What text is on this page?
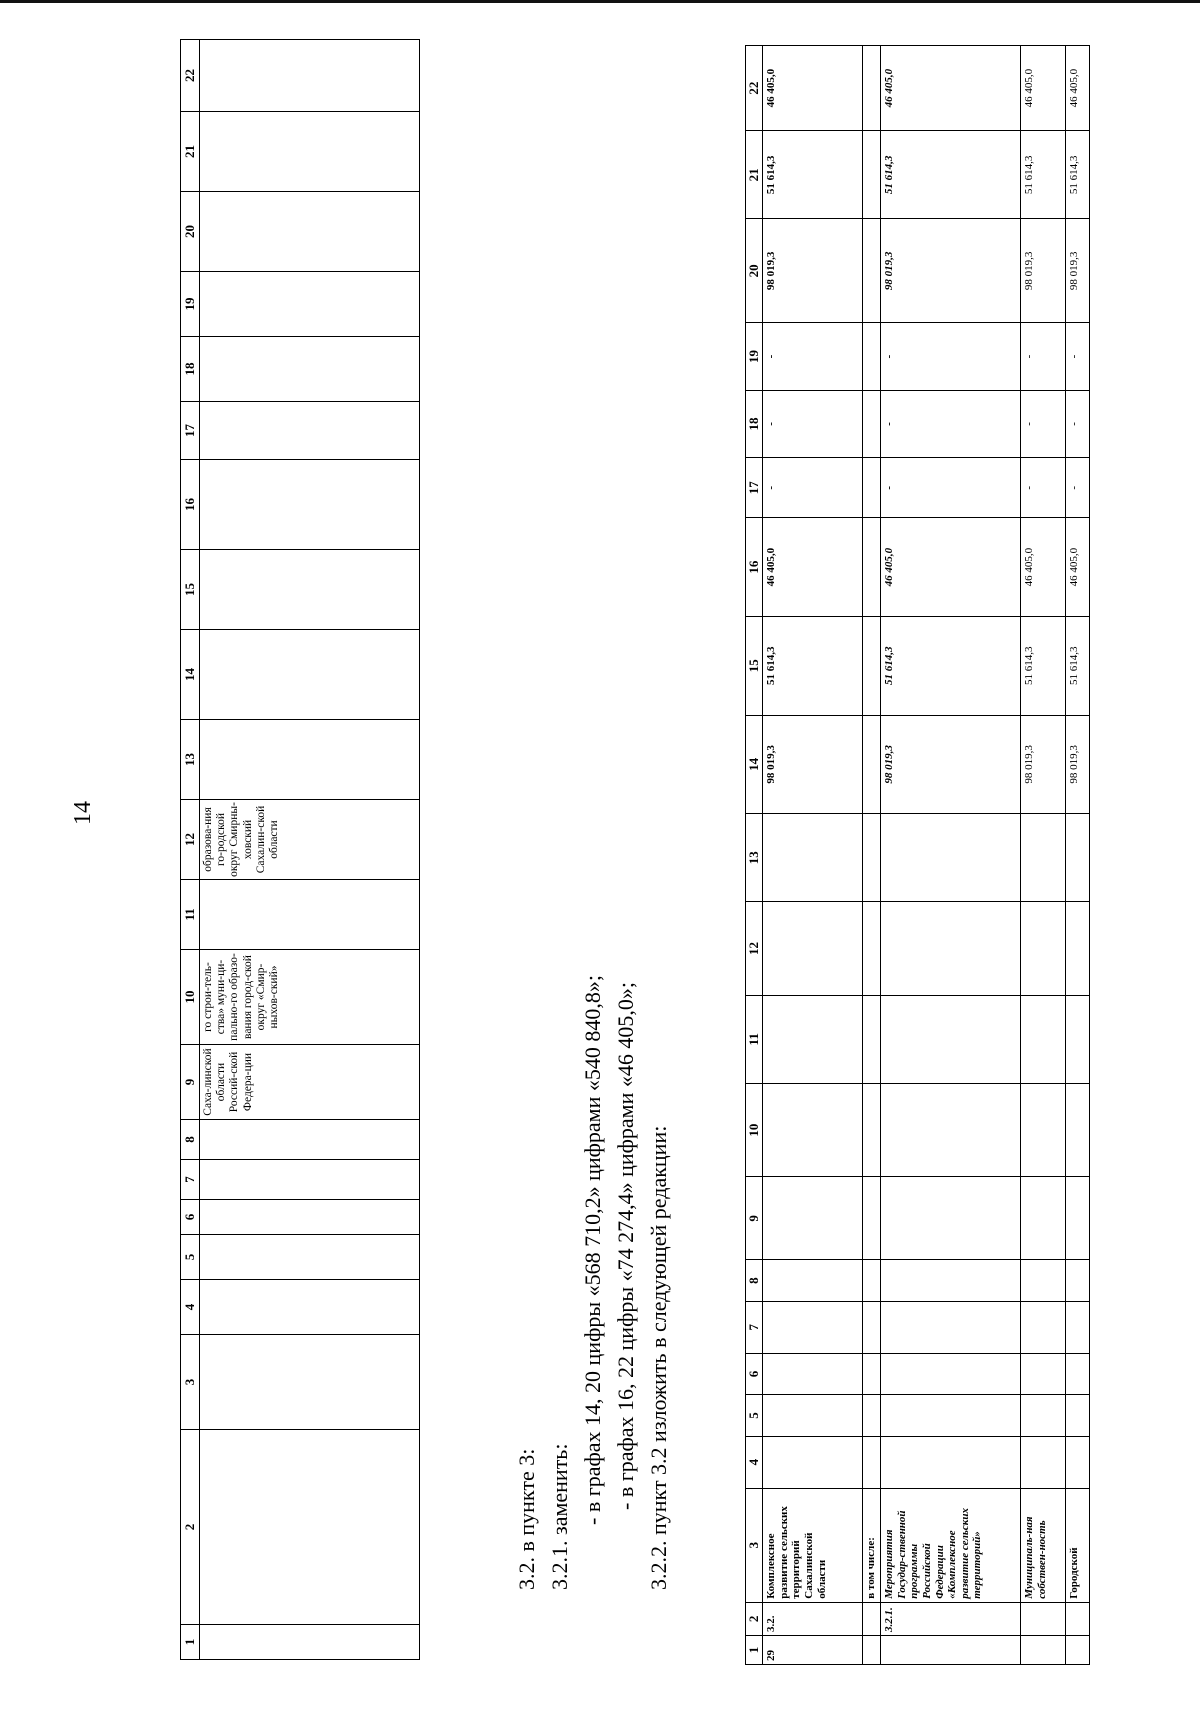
14
1	2	3	4	5	6	7	8	9	10	11	12	13	14	15	16	17	18	19	20	21	22
								Саха-линской области Россий-ской Федера-ции	го строи-тель-ства» муни-ци-пально-го образо-вания город-ской округ «Смир-ныхов-ский»		образова-ния го-родской округ Смирны-ховский Сахалин-ской области										

3.2. в пункте 3: 3.2.1. заменить: - в графах 14, 20 цифры «568 710,2» цифрами «540 840,8»; - в графах 16, 22 цифры «74 274,4» цифрами «46 405,0»; 3.2.2. пункт 3.2 изложить в следующей редакции:

1	2	3	4	5	6	7	8	9	10	11	12	13	14	15	16	17	18	19	20	21	22
29	3.2.	Комплексное развитие сельских территорий Сахалинской области											98 019,3	51 614,3	46 405,0	-	-	-	98 019,3	51 614,3	46 405,0
		в том числе:																			
	3.2.1.	Мероприятия Государ-ственной программы Российской Федерации «Комплексное развитие сельских территорий»											98 019,3	51 614,3	46 405,0	-	-	-	98 019,3	51 614,3	46 405,0
		Муниципаль-ная собствен-ность											98 019,3	51 614,3	46 405,0	-	-	-	98 019,3	51 614,3	46 405,0
		Городской											98 019,3	51 614,3	46 405,0	-	-	-	98 019,3	51 614,3	46 405,0
